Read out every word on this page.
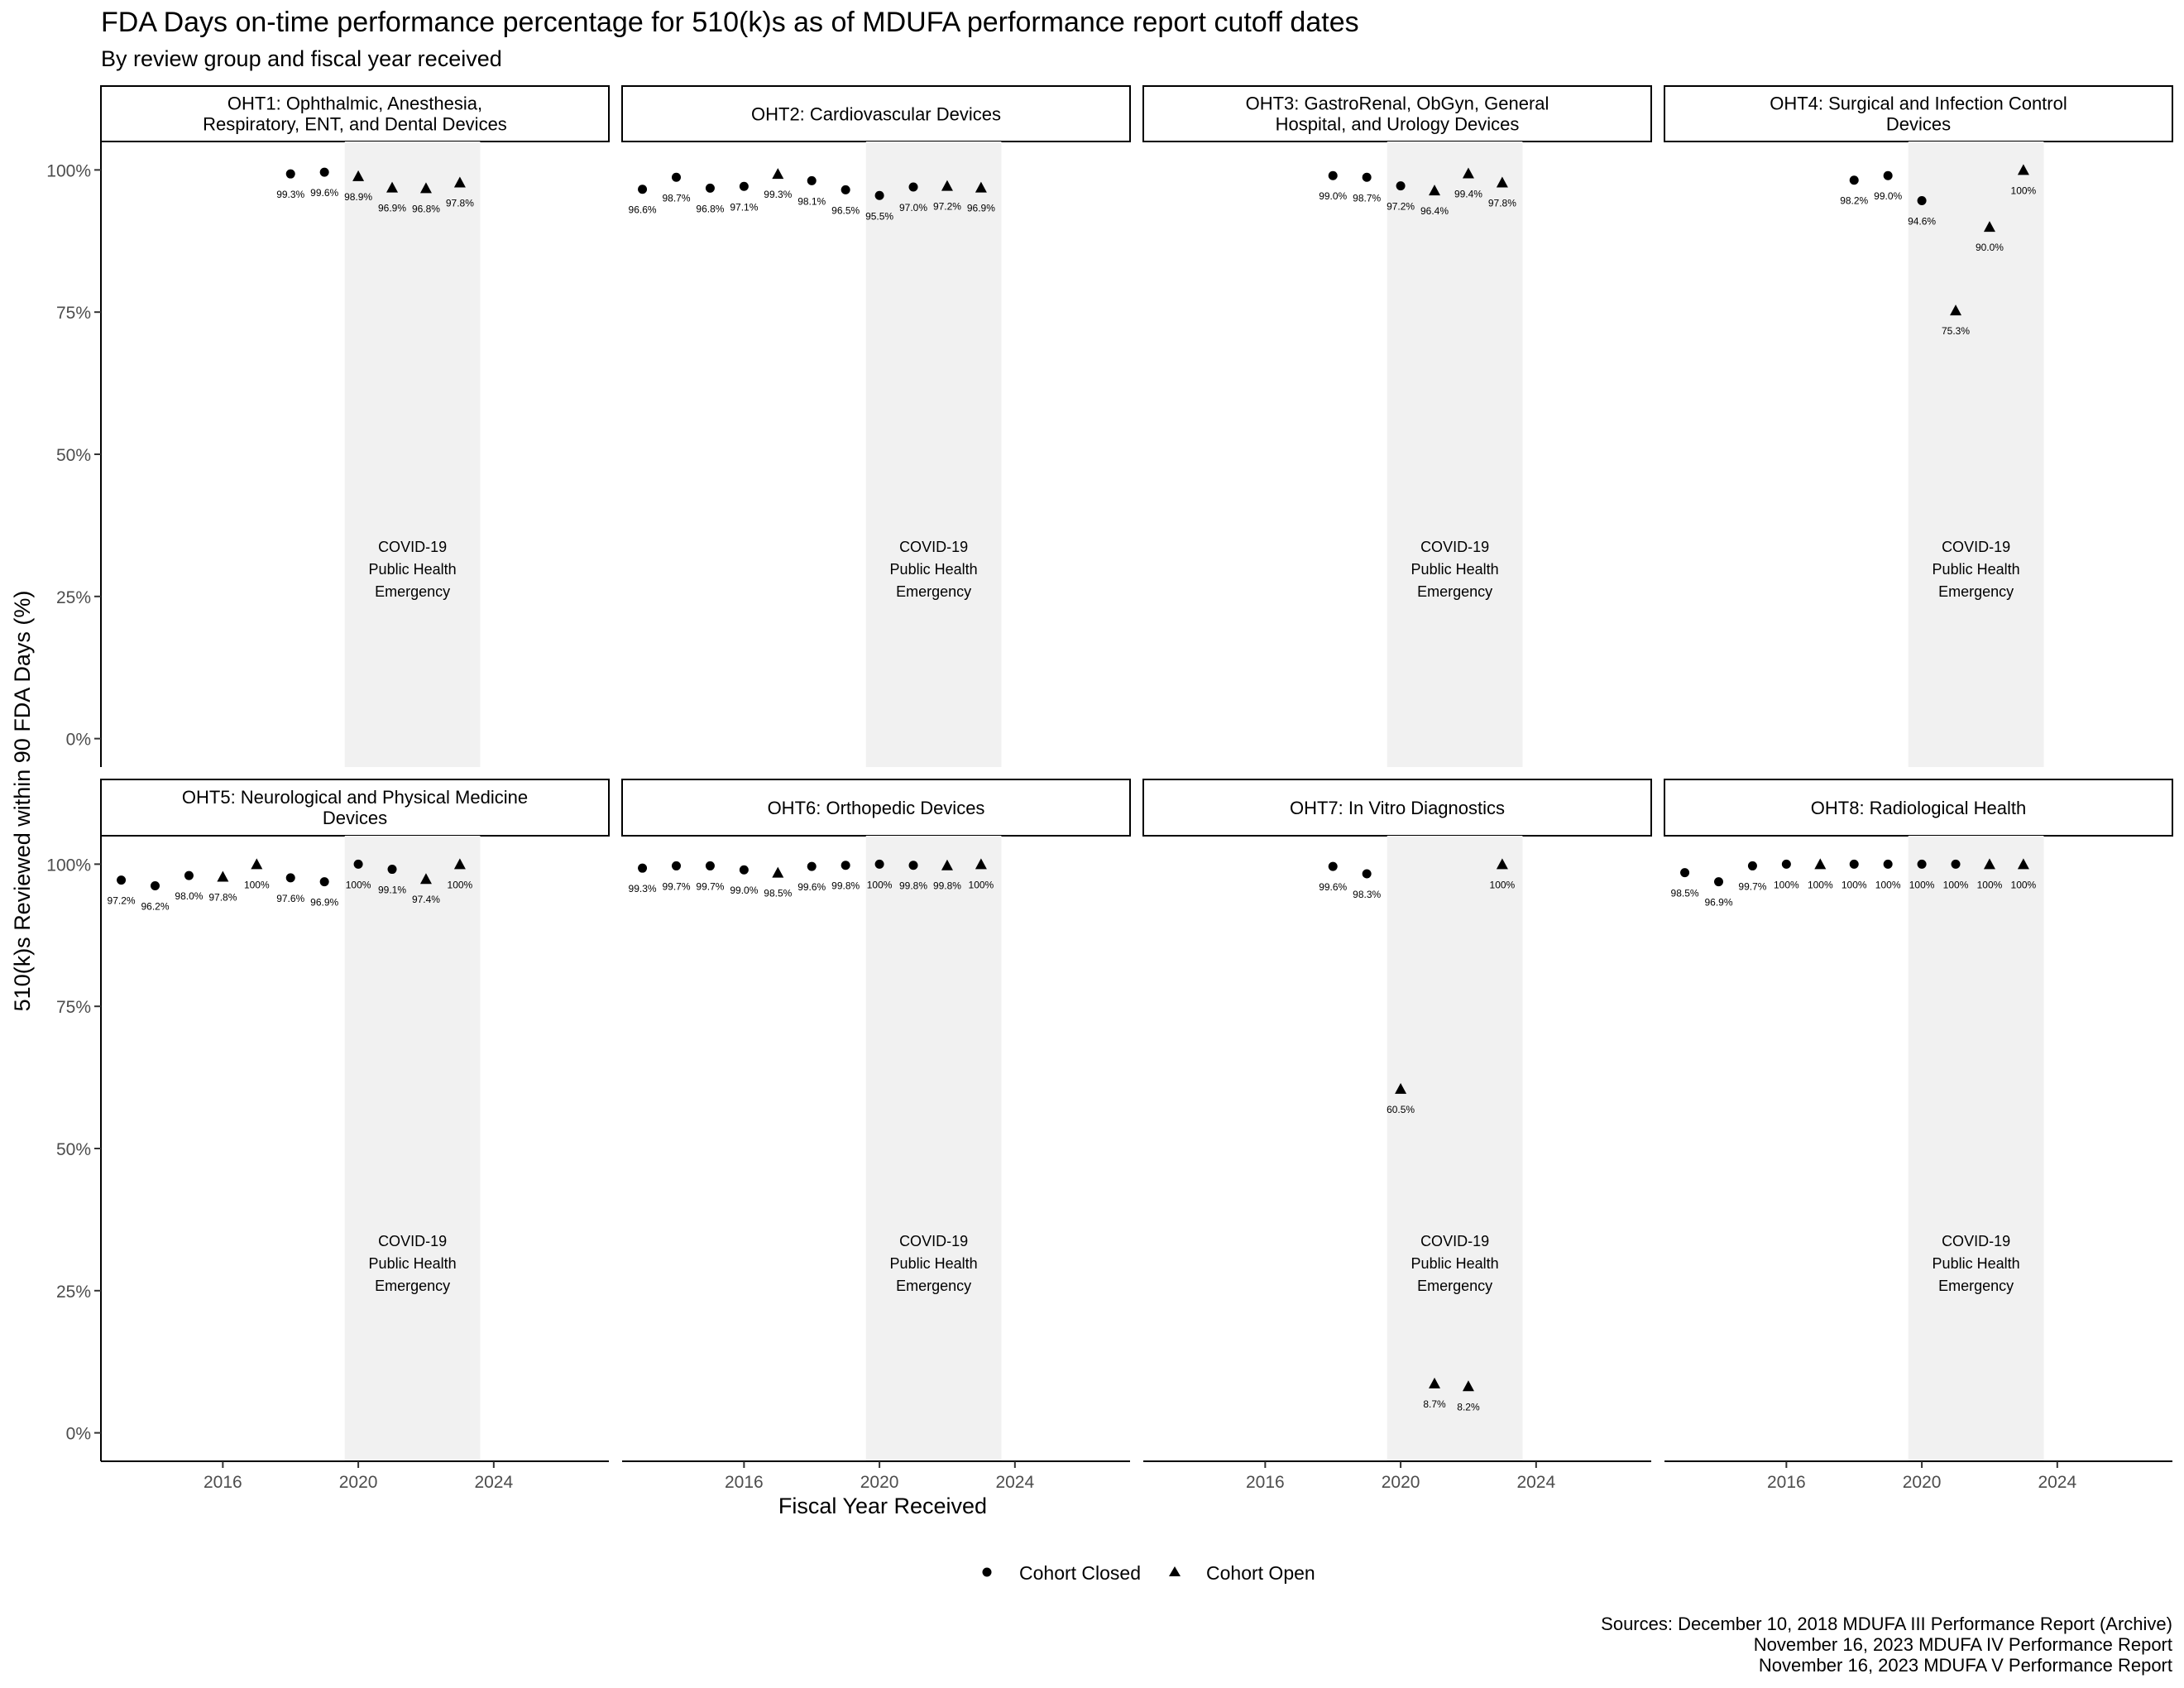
FDA Days on-time performance percentage for 510(k)s as of MDUFA performance report cutoff dates
By review group and fiscal year received
OHT1: Ophthalmic, Anesthesia,
Respiratory, ENT, and Dental Devices
COVID-19
Public Health
Emergency
0%
25%
50%
75%
100%
99.3% 99.6% 98.9%
96.9% 96.8% 97.8%
OHT2: Cardiovascular Devices
COVID-19
Public Health
Emergency
96.6%
98.7%
96.8% 97.1%
99.3%
98.1%
96.5% 95.5%
97.0% 97.2% 96.9%
OHT3: GastroRenal, ObGyn, General
Hospital, and Urology Devices
COVID-19
Public Health
Emergency
99.0% 98.7%
97.2% 96.4%
99.4%
97.8%
OHT4: Surgical and Infection Control
Devices
COVID-19
Public Health
Emergency
98.2% 99.0%
94.6%
75.3%
90.0%
100%
OHT5: Neurological and Physical Medicine
Devices
COVID-19
Public Health
Emergency
0%
25%
50%
75%
100%
2016	2020	2024
97.2% 96.2%
98.0% 97.8%
100%
97.6% 96.9%
100% 99.1%
97.4%
100%
OHT6: Orthopedic Devices
COVID-19
Public Health
Emergency
2016	2020	2024
99.3% 99.7% 99.7% 99.0% 98.5%
99.6% 99.8% 100% 99.8% 99.8% 100%
OHT7: In Vitro Diagnostics
COVID-19
Public Health
Emergency
2016	2020	2024
99.6%
98.3%
60.5%
8.7% 8.2%
100%
OHT8: Radiological Health
COVID-19
Public Health
Emergency
2016	2020	2024
98.5%
96.9%
99.7% 100% 100% 100% 100% 100% 100% 100% 100%
Fiscal Year Received
510(k)s Reviewed within 90 FDA Days (%)
Cohort Closed	Cohort Open
Sources: December 10, 2018 MDUFA III Performance Report (Archive)
November 16, 2023 MDUFA IV Performance Report
November 16, 2023 MDUFA V Performance Report
